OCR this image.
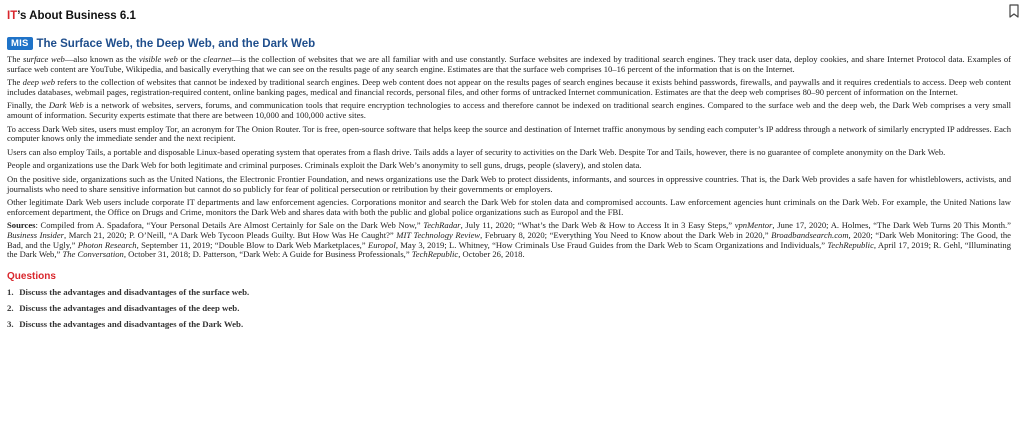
IT’s About Business 6.1
MIS The Surface Web, the Deep Web, and the Dark Web

The surface web—also known as the visible web or the clearnet—is the collection of websites that we are all familiar with and use constantly. Surface websites are indexed by traditional search engines. They track user data, deploy cookies, and share Internet Protocol data. Examples of surface web content are YouTube, Wikipedia, and basically everything that we can see on the results page of any search engine. Estimates are that the surface web comprises 10–16 percent of the information that is on the Internet.

The deep web refers to the collection of websites that cannot be indexed by traditional search engines. Deep web content does not appear on the results pages of search engines because it exists behind passwords, firewalls, and paywalls and it requires credentials to access. Deep web content includes databases, webmail pages, registration-required content, online banking pages, medical and financial records, personal files, and other forms of untracked Internet communication. Estimates are that the deep web comprises 80–90 percent of information on the Internet.

Finally, the Dark Web is a network of websites, servers, forums, and communication tools that require encryption technologies to access and therefore cannot be indexed on traditional search engines. Compared to the surface web and the deep web, the Dark Web comprises a very small amount of information. Security experts estimate that there are between 10,000 and 100,000 active sites.

To access Dark Web sites, users must employ Tor, an acronym for The Onion Router. Tor is free, open-source software that helps keep the source and destination of Internet traffic anonymous by sending each computer’s IP address through a network of similarly encrypted IP addresses. Each computer knows only the immediate sender and the next recipient.

Users can also employ Tails, a portable and disposable Linux-based operating system that operates from a flash drive. Tails adds a layer of security to activities on the Dark Web. Despite Tor and Tails, however, there is no guarantee of complete anonymity on the Dark Web.

People and organizations use the Dark Web for both legitimate and criminal purposes. Criminals exploit the Dark Web’s anonymity to sell guns, drugs, people (slavery), and stolen data.

On the positive side, organizations such as the United Nations, the Electronic Frontier Foundation, and news organizations use the Dark Web to protect dissidents, informants, and sources in oppressive countries. That is, the Dark Web provides a safe haven for whistleblowers, activists, and journalists who need to share sensitive information but cannot do so publicly for fear of political persecution or retribution by their governments or employers.

Other legitimate Dark Web users include corporate IT departments and law enforcement agencies. Corporations monitor and search the Dark Web for stolen data and compromised accounts. Law enforcement agencies hunt criminals on the Dark Web. For example, the United Nations law enforcement department, the Office on Drugs and Crime, monitors the Dark Web and shares data with both the public and global police organizations such as Europol and the FBI.

Sources: Compiled from A. Spadafora, “Your Personal Details Are Almost Certainly for Sale on the Dark Web Now,” TechRadar, July 11, 2020; “What’s the Dark Web & How to Access It in 3 Easy Steps,” vpnMentor, June 17, 2020; A. Holmes, “The Dark Web Turns 20 This Month.” Business Insider, March 21, 2020; P. O’Neill, “A Dark Web Tycoon Pleads Guilty. But How Was He Caught?” MIT Technology Review, February 8, 2020; “Everything You Need to Know about the Dark Web in 2020,” Broadbandsearch.com, 2020; “Dark Web Monitoring: The Good, the Bad, and the Ugly,” Photon Research, September 11, 2019; “Double Blow to Dark Web Marketplaces,” Europol, May 3, 2019; L. Whitney, “How Criminals Use Fraud Guides from the Dark Web to Scam Organizations and Individuals,” TechRepublic, April 17, 2019; R. Gehl, “Illuminating the Dark Web,” The Conversation, October 31, 2018; D. Patterson, “Dark Web: A Guide for Business Professionals,” TechRepublic, October 26, 2018.

Questions
1. Discuss the advantages and disadvantages of the surface web.
2. Discuss the advantages and disadvantages of the deep web.
3. Discuss the advantages and disadvantages of the Dark Web.
